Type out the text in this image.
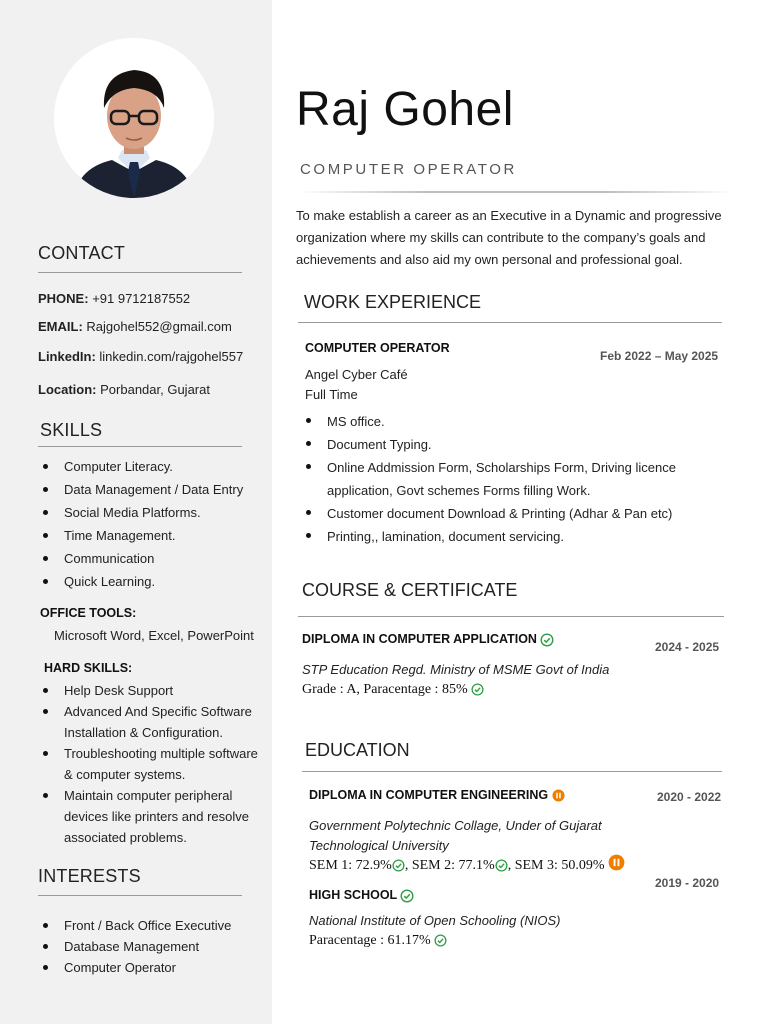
CONTACT
PHONE: +91 9712187552
EMAIL: Rajgohel552@gmail.com
LinkedIn: linkedin.com/rajgohel557
Location: Porbandar, Gujarat
SKILLS
Computer Literacy.
Data Management / Data Entry
Social Media Platforms.
Time Management.
Communication
Quick Learning.
OFFICE TOOLS:
Microsoft Word, Excel, PowerPoint
HARD SKILLS:
Help Desk Support
Advanced And Specific Software Installation & Configuration.
Troubleshooting multiple software & computer systems.
Maintain computer peripheral devices like printers and resolve associated problems.
INTERESTS
Front / Back Office Executive
Database Management
Computer Operator
Raj Gohel
COMPUTER OPERATOR
To make establish a career as an Executive in a Dynamic and progressive organization where my skills can contribute to the company’s goals and achievements and also aid my own personal and professional goal.
WORK EXPERIENCE
COMPUTER OPERATOR
Feb 2022 – May 2025
Angel Cyber Café
Full Time
MS office.
Document Typing.
Online Addmission Form, Scholarships Form, Driving licence application, Govt schemes Forms filling Work.
Customer document Download & Printing (Adhar & Pan etc)
Printing,, lamination, document servicing.
COURSE & CERTIFICATE
DIPLOMA IN COMPUTER APPLICATION
2024 - 2025
STP Education Regd. Ministry of MSME Govt of India
Grade : A, Paracentage : 85%
EDUCATION
DIPLOMA IN COMPUTER ENGINEERING	2020 - 2022
Government Polytechnic Collage, Under of Gujarat Technological University
SEM 1: 72.9% , SEM 2: 77.1% , SEM 3: 50.09%
2019 - 2020
HIGH SCHOOL
National Institute of Open Schooling (NIOS)
Paracentage : 61.17%
